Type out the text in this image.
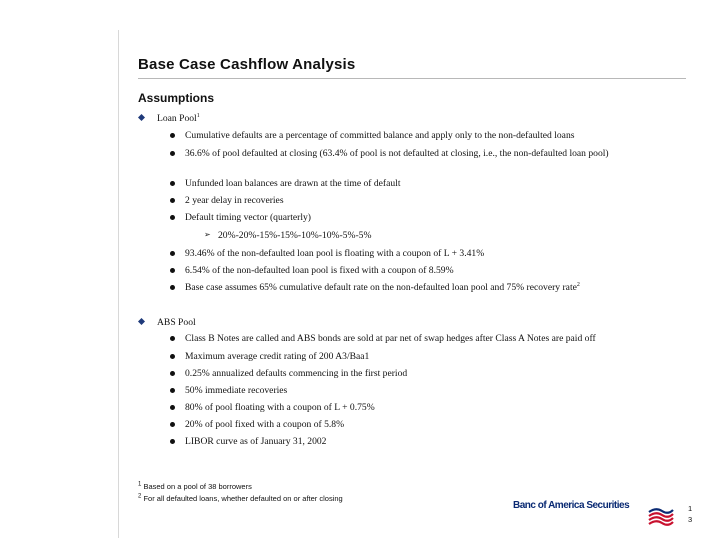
Base Case Cashflow Analysis
Assumptions
Loan Pool$^1$
Cumulative defaults are a percentage of committed balance and apply only to the non-defaulted loans
36.6% of pool defaulted at closing (63.4% of pool is not defaulted at closing, i.e., the non-defaulted loan pool)
Unfunded loan balances are drawn at the time of default
2 year delay in recoveries
Default timing vector (quarterly)
➢ 20%-20%-15%-15%-10%-10%-5%-5%
93.46% of the non-defaulted loan pool is floating with a coupon of L + 3.41%
6.54% of the non-defaulted loan pool is fixed with a coupon of 8.59%
Base case assumes 65% cumulative default rate on the non-defaulted loan pool and 75% recovery rate$^2$
ABS Pool
Class B Notes are called and ABS bonds are sold at par net of swap hedges after Class A Notes are paid off
Maximum average credit rating of 200 A3/Baa1
0.25% annualized defaults commencing in the first period
50% immediate recoveries
80% of pool floating with a coupon of L + 0.75%
20% of pool fixed with a coupon of 5.8%
LIBOR curve as of January 31, 2002
$^1$ Based on a pool of 38 borrowers
$^2$ For all defaulted loans, whether defaulted on or after closing
Banc of America Securities	1
3
